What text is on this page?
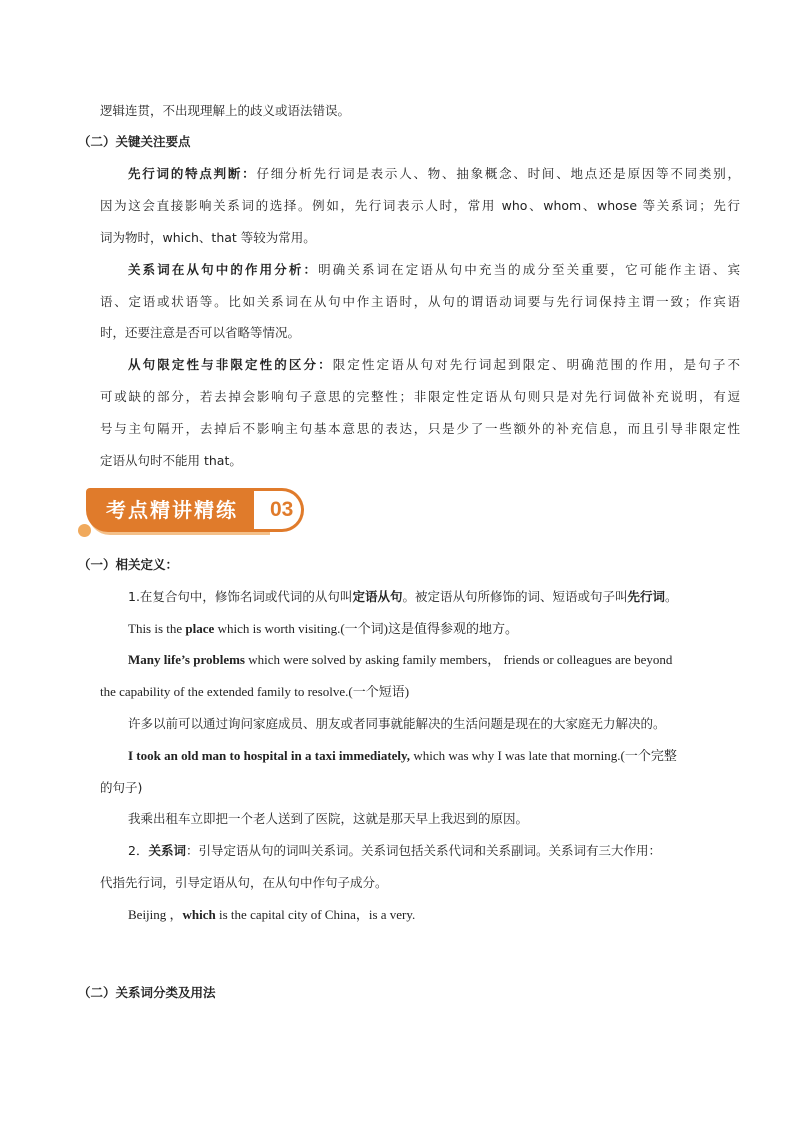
逻辑连贯，不出现理解上的歧义或语法错误。
（二）关键关注要点
先行词的特点判断：仔细分析先行词是表示人、物、抽象概念、时间、地点还是原因等不同类别，
因为这会直接影响关系词的选择。例如，先行词表示人时，常用 who、whom、whose 等关系词；先行
词为物时，which、that 等较为常用。
关系词在从句中的作用分析：明确关系词在定语从句中充当的成分至关重要，它可能作主语、宾
语、定语或状语等。比如关系词在从句中作主语时，从句的谓语动词要与先行词保持主谓一致；作宾语
时，还要注意是否可以省略等情况。
从句限定性与非限定性的区分：限定性定语从句对先行词起到限定、明确范围的作用，是句子不
可或缺的部分，若去掉会影响句子意思的完整性；非限定性定语从句则只是对先行词做补充说明，有逗
号与主句隔开，去掉后不影响主句基本意思的表达，只是少了一些额外的补充信息，而且引导非限定性
定语从句时不能用 that。
考点精讲精练 03
（一）相关定义：
1.在复合句中，修饰名词或代词的从句叫定语从句。被定语从句所修饰的词、短语或句子叫先行词。
This is the place which is worth visiting.(一个词)这是值得参观的地方。
Many life’s problems which were solved by asking family members， friends or colleagues are beyond
the capability of the extended family to resolve.(一个短语)
许多以前可以通过询问家庭成员、朋友或者同事就能解决的生活问题是现在的大家庭无力解决的。
I took an old man to hospital in a taxi immediately, which was why I was late that morning.(一个完整
的句子)
我乘出租车立即把一个老人送到了医院，这就是那天早上我迟到的原因。
2．关系词：引导定语从句的词叫关系词。关系词包括关系代词和关系副词。关系词有三大作用：
代指先行词，引导定语从句，在从句中作句子成分。
Beijing ，which is the capital city of China，is a very.
（二）关系词分类及用法
